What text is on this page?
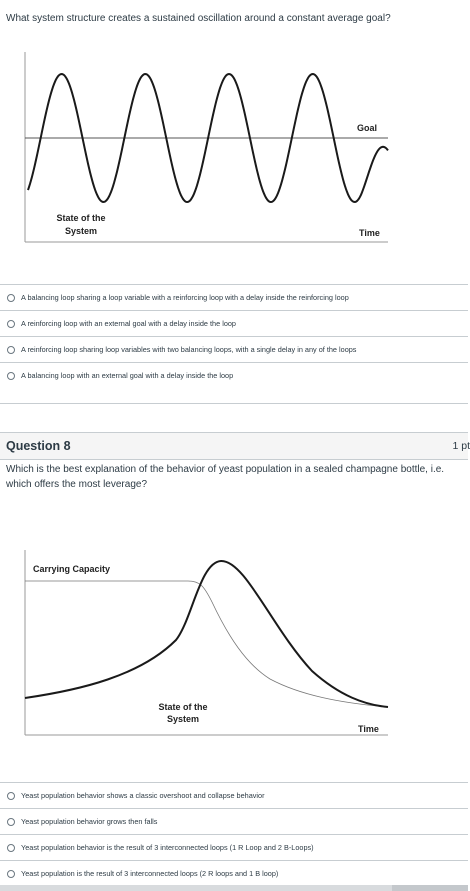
What system structure creates a sustained oscillation around a constant average goal?
Goal
State of the
System	Time
A balancing loop sharing a loop variable with a reinforcing loop with a delay inside the reinforcing loop
A reinforcing loop with an external goal with a delay inside the loop
A reinforcing loop sharing loop variables with two balancing loops, with a single delay in any of the loops
A balancing loop with an external goal with a delay inside the loop
Question 8	1 pt
Which is the best explanation of the behavior of yeast population in a sealed champagne bottle, i.e. which offers the most leverage?
Carrying Capacity
State of the
System
Time
Yeast population behavior shows a classic overshoot and collapse behavior
Yeast population behavior grows then falls
Yeast population behavior is the result of 3 interconnected loops (1 R Loop and 2 B-Loops)
Yeast population is the result of 3 interconnected loops (2 R loops and 1 B loop)
